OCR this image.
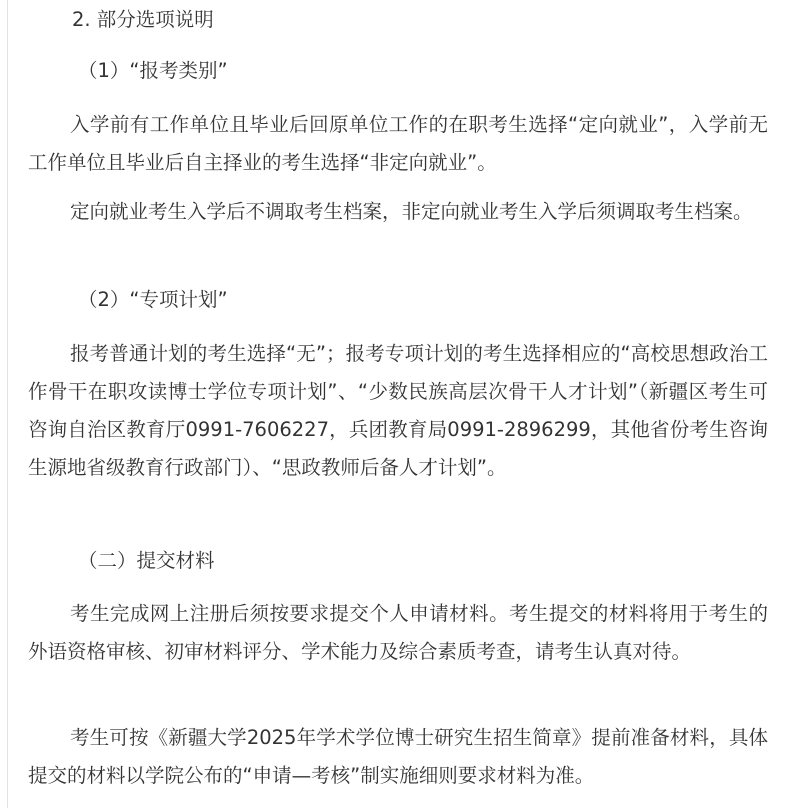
2. 部分选项说明

（1）“报考类别”

入学前有工作单位且毕业后回原单位工作的在职考生选择“定向就业”，入学前无工作单位且毕业后自主择业的考生选择“非定向就业”。

定向就业考生入学后不调取考生档案，非定向就业考生入学后须调取考生档案。

（2）“专项计划”

报考普通计划的考生选择“无”；报考专项计划的考生选择相应的“高校思想政治工作骨干在职攻读博士学位专项计划”、“少数民族高层次骨干人才计划”（新疆区考生可咨询自治区教育厅0991-7606227，兵团教育局0991-2896299，其他省份考生咨询生源地省级教育行政部门）、“思政教师后备人才计划”。

（二）提交材料

考生完成网上注册后须按要求提交个人申请材料。考生提交的材料将用于考生的外语资格审核、初审材料评分、学术能力及综合素质考查，请考生认真对待。

考生可按《新疆大学2025年学术学位博士研究生招生简章》提前准备材料，具体提交的材料以学院公布的“申请—考核”制实施细则要求材料为准。
